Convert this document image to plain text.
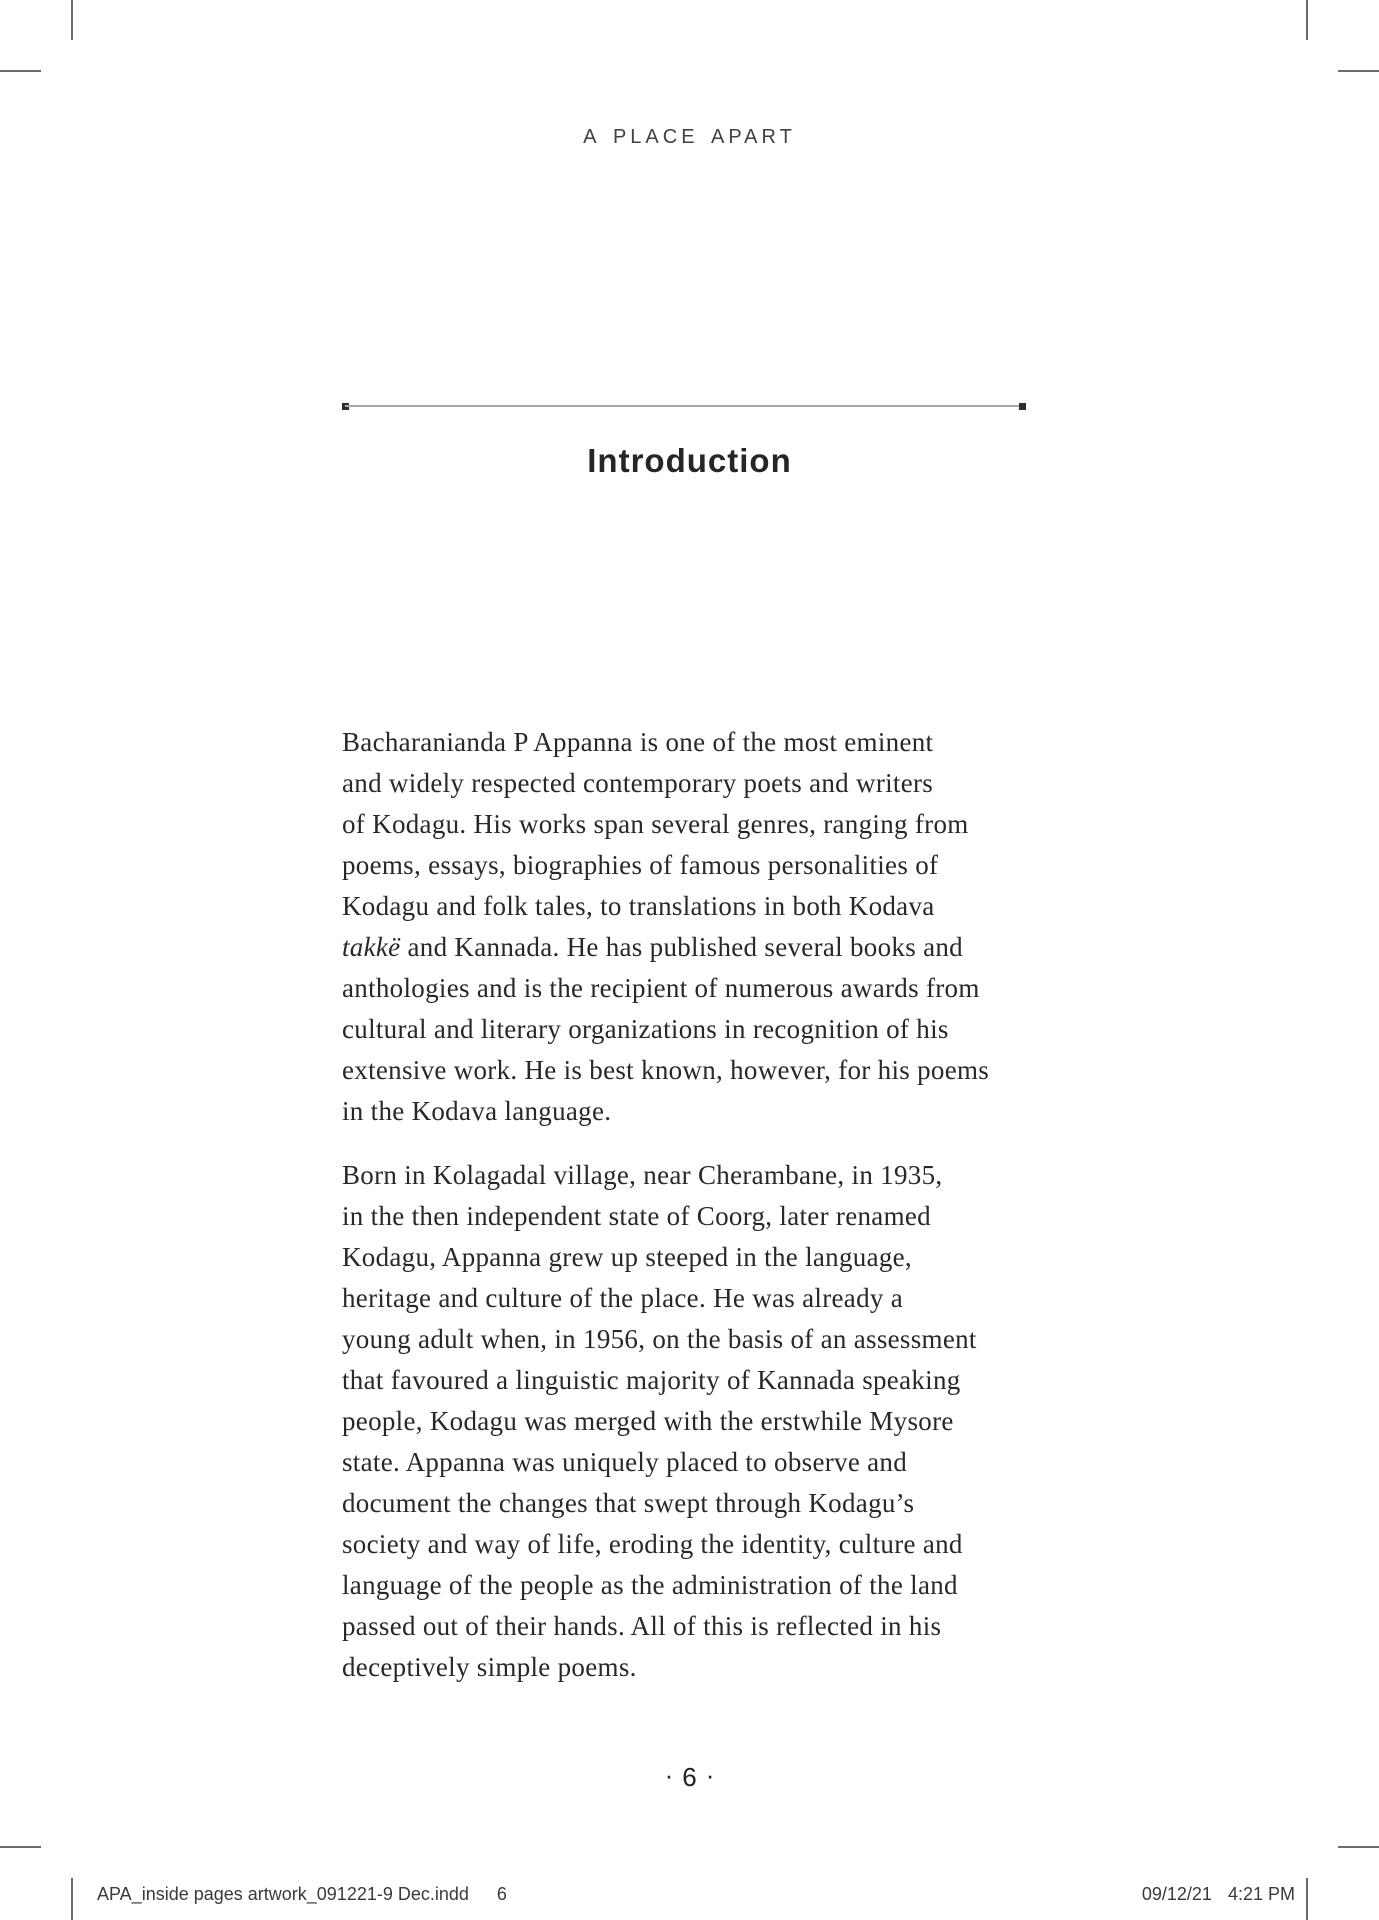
A PLACE APART
Introduction
Bacharanianda P Appanna is one of the most eminent
and widely respected contemporary poets and writers
of Kodagu. His works span several genres, ranging from
poems, essays, biographies of famous personalities of
Kodagu and folk tales, to translations in both Kodava
takkë and Kannada. He has published several books and
anthologies and is the recipient of numerous awards from
cultural and literary organizations in recognition of his
extensive work. He is best known, however, for his poems
in the Kodava language.
Born in Kolagadal village, near Cherambane, in 1935,
in the then independent state of Coorg, later renamed
Kodagu, Appanna grew up steeped in the language,
heritage and culture of the place. He was already a
young adult when, in 1956, on the basis of an assessment
that favoured a linguistic majority of Kannada speaking
people, Kodagu was merged with the erstwhile Mysore
state. Appanna was uniquely placed to observe and
document the changes that swept through Kodagu’s
society and way of life, eroding the identity, culture and
language of the people as the administration of the land
passed out of their hands. All of this is reflected in his
deceptively simple poems.
· 6 ·
APA_inside pages artwork_091221-9 Dec.indd 6	09/12/21 4:21 PM
